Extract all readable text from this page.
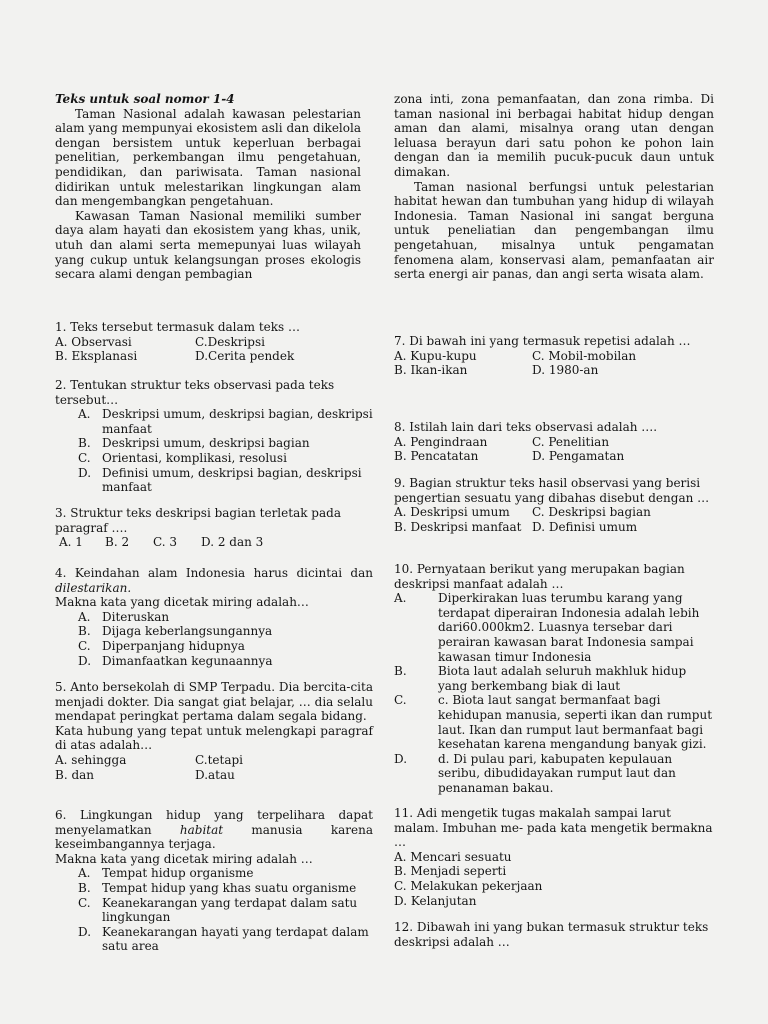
Teks untuk soal nomor 1-4

Taman Nasional adalah kawasan pelestarian alam yang mempunyai ekosistem asli dan dikelola dengan bersistem untuk keperluan berbagai penelitian, perkembangan ilmu pengetahuan, pendidikan, dan pariwisata. Taman nasional didirikan untuk melestarikan lingkungan alam dan mengembangkan pengetahuan.

Kawasan Taman Nasional memiliki sumber daya alam hayati dan ekosistem yang khas, unik, utuh dan alami serta memepunyai luas wilayah yang cukup untuk kelangsungan proses ekologis secara alami dengan pembagian

1. Teks tersebut termasuk dalam teks …

A. Observasi	C.Deskripsi
B. Eksplanasi	D.Cerita pendek

2. Tentukan struktur teks observasi pada teks tersebut…

A. Deskripsi umum, deskripsi bagian, deskripsi manfaat
B. Deskripsi umum, deskripsi bagian
C. Orientasi, komplikasi, resolusi
D. Definisi umum, deskripsi bagian, deskripsi manfaat

3. Struktur teks deskripsi bagian terletak pada paragraf ….

A. 1 B. 2 C. 3 D. 2 dan 3

4. Keindahan alam Indonesia harus dicintai dan dilestarikan.

Makna kata yang dicetak miring adalah…

A. Diteruskan
B. Dijaga keberlangsungannya
C. Diperpanjang hidupnya
D. Dimanfaatkan kegunaannya

5. Anto bersekolah di SMP Terpadu. Dia bercita-cita menjadi dokter. Dia sangat giat belajar, … dia selalu mendapat peringkat pertama dalam segala bidang.

Kata hubung yang tepat untuk melengkapi paragraf di atas adalah…

A. sehingga	C.tetapi
B. dan	D.atau

6. Lingkungan hidup yang terpelihara dapat menyelamatkan habitat manusia karena keseimbangannya terjaga.

Makna kata yang dicetak miring adalah …

A. Tempat hidup organisme
B. Tempat hidup yang khas suatu organisme
C. Keanekarangan yang terdapat dalam satu lingkungan
D. Keanekarangan hayati yang terdapat dalam satu area

zona inti, zona pemanfaatan, dan zona rimba. Di taman nasional ini berbagai habitat hidup dengan aman dan alami, misalnya orang utan dengan leluasa berayun dari satu pohon ke pohon lain dengan dan ia memilih pucuk-pucuk daun untuk dimakan.

Taman nasional berfungsi untuk pelestarian habitat hewan dan tumbuhan yang hidup di wilayah Indonesia. Taman Nasional ini sangat berguna untuk peneliatian dan pengembangan ilmu pengetahuan, misalnya untuk pengamatan fenomena alam, konservasi alam, pemanfaatan air serta energi air panas, dan angi serta wisata alam.

7. Di bawah ini yang termasuk repetisi adalah …

A. Kupu-kupu	C. Mobil-mobilan
B. Ikan-ikan	D. 1980-an

8. Istilah lain dari teks observasi adalah ….

A. Pengindraan	C. Penelitian
B. Pencatatan	D. Pengamatan

9. Bagian struktur teks hasil observasi yang berisi pengertian sesuatu yang dibahas disebut dengan …

A. Deskripsi umum	C. Deskripsi bagian
B. Deskripsi manfaat D. Definisi umum

10. Pernyataan berikut yang merupakan bagian deskripsi manfaat adalah …

A.	Diperkirakan luas terumbu karang yang terdapat diperairan Indonesia adalah lebih dari60.000km2. Luasnya tersebar dari perairan kawasan barat Indonesia sampai kawasan timur Indonesia
B.	Biota laut adalah seluruh makhluk hidup yang berkembang biak di laut
C.	c. Biota laut sangat bermanfaat bagi kehidupan manusia, seperti ikan dan rumput laut. Ikan dan rumput laut bermanfaat bagi kesehatan karena mengandung banyak gizi.
D.	d. Di pulau pari, kabupaten kepulauan seribu, dibudidayakan rumput laut dan penanaman bakau.

11. Adi mengetik tugas makalah sampai larut malam. Imbuhan me- pada kata mengetik bermakna …

A. Mencari sesuatu

B. Menjadi seperti

C. Melakukan pekerjaan

D. Kelanjutan

12. Dibawah ini yang bukan termasuk struktur teks deskripsi adalah …
